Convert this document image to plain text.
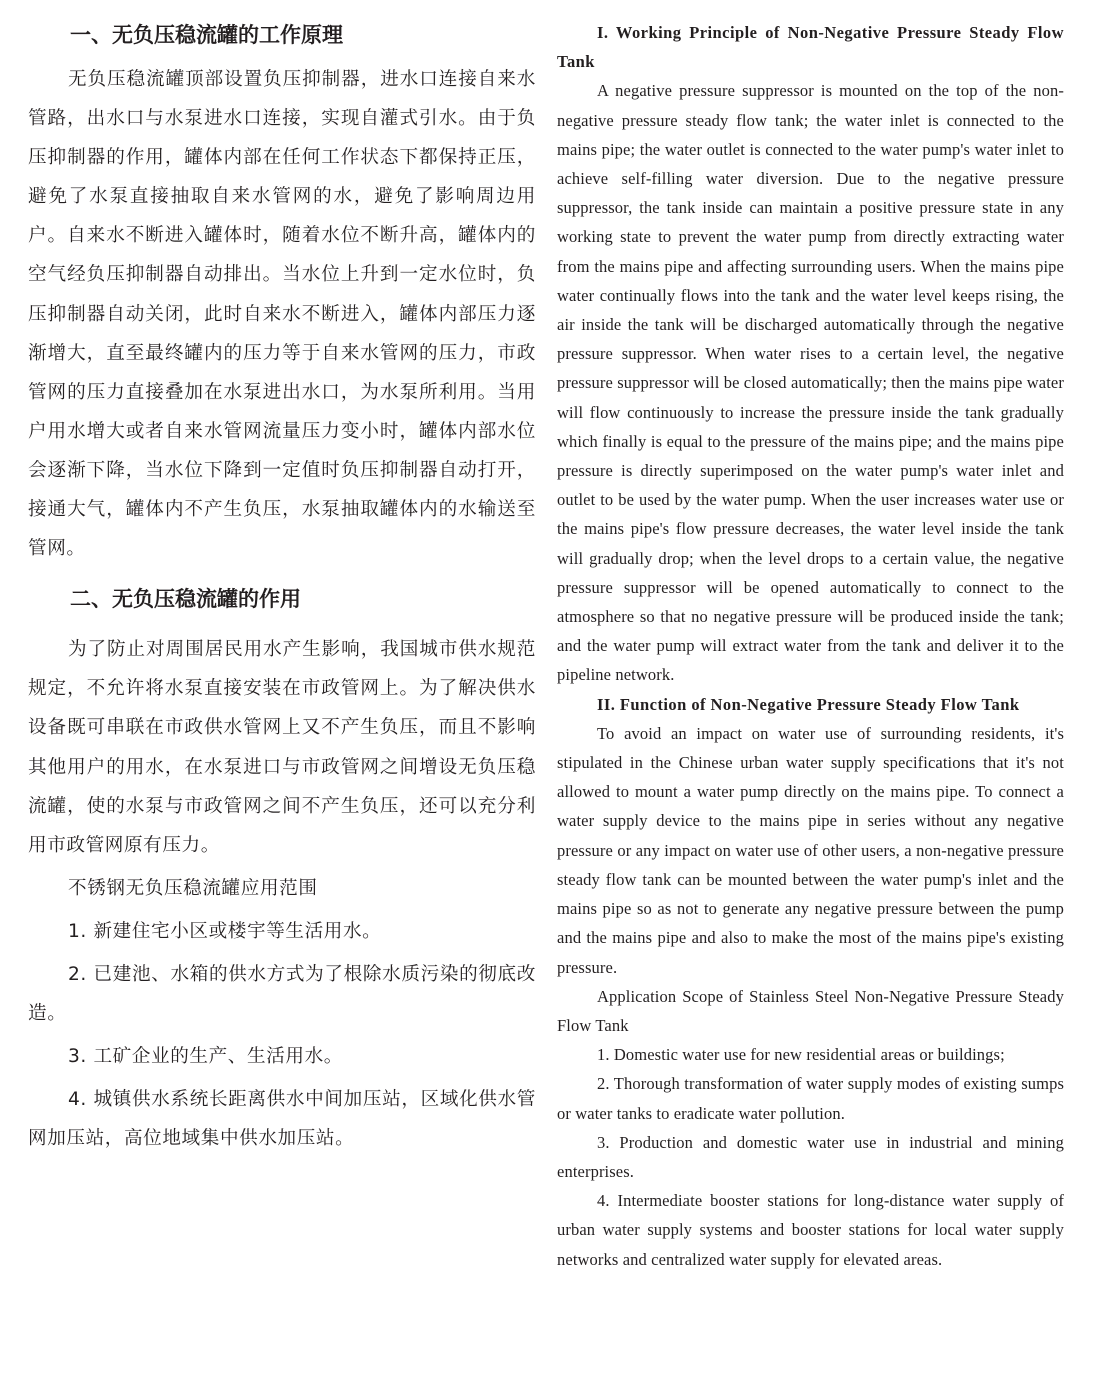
一、无负压稳流罐的工作原理

无负压稳流罐顶部设置负压抑制器，进水口连接自来水管路，出水口与水泵进水口连接，实现自灌式引水。由于负压抑制器的作用，罐体内部在任何工作状态下都保持正压，避免了水泵直接抽取自来水管网的水，避免了影响周边用户。自来水不断进入罐体时，随着水位不断升高，罐体内的空气经负压抑制器自动排出。当水位上升到一定水位时，负压抑制器自动关闭，此时自来水不断进入，罐体内部压力逐渐增大，直至最终罐内的压力等于自来水管网的压力，市政管网的压力直接叠加在水泵进出水口，为水泵所利用。当用户用水增大或者自来水管网流量压力变小时，罐体内部水位会逐渐下降，当水位下降到一定值时负压抑制器自动打开，接通大气，罐体内不产生负压，水泵抽取罐体内的水输送至管网。

二、无负压稳流罐的作用

为了防止对周围居民用水产生影响，我国城市供水规范规定，不允许将水泵直接安装在市政管网上。为了解决供水设备既可串联在市政供水管网上又不产生负压，而且不影响其他用户的用水，在水泵进口与市政管网之间增设无负压稳流罐，使的水泵与市政管网之间不产生负压，还可以充分利用市政管网原有压力。

不锈钢无负压稳流罐应用范围

1. 新建住宅小区或楼宇等生活用水。

2. 已建池、水箱的供水方式为了根除水质污染的彻底改造。

3. 工矿企业的生产、生活用水。

4. 城镇供水系统长距离供水中间加压站，区域化供水管网加压站，高位地域集中供水加压站。

I. Working Principle of Non-Negative Pressure Steady Flow Tank

A negative pressure suppressor is mounted on the top of the non-negative pressure steady flow tank; the water inlet is connected to the mains pipe; the water outlet is connected to the water pump's water inlet to achieve self-filling water diversion. Due to the negative pressure suppressor, the tank inside can maintain a positive pressure state in any working state to prevent the water pump from directly extracting water from the mains pipe and affecting surrounding users. When the mains pipe water continually flows into the tank and the water level keeps rising, the air inside the tank will be discharged automatically through the negative pressure suppressor. When water rises to a certain level, the negative pressure suppressor will be closed automatically; then the mains pipe water will flow continuously to increase the pressure inside the tank gradually which finally is equal to the pressure of the mains pipe; and the mains pipe pressure is directly superimposed on the water pump's water inlet and outlet to be used by the water pump. When the user increases water use or the mains pipe's flow pressure decreases, the water level inside the tank will gradually drop; when the level drops to a certain value, the negative pressure suppressor will be opened automatically to connect to the atmosphere so that no negative pressure will be produced inside the tank; and the water pump will extract water from the tank and deliver it to the pipeline network.

II. Function of Non-Negative Pressure Steady Flow Tank

To avoid an impact on water use of surrounding residents, it's stipulated in the Chinese urban water supply specifications that it's not allowed to mount a water pump directly on the mains pipe. To connect a water supply device to the mains pipe in series without any negative pressure or any impact on water use of other users, a non-negative pressure steady flow tank can be mounted between the water pump's inlet and the mains pipe so as not to generate any negative pressure between the pump and the mains pipe and also to make the most of the mains pipe's existing pressure.

Application Scope of Stainless Steel Non-Negative Pressure Steady Flow Tank

1. Domestic water use for new residential areas or buildings;

2. Thorough transformation of water supply modes of existing sumps or water tanks to eradicate water pollution.

3. Production and domestic water use in industrial and mining enterprises.

4. Intermediate booster stations for long-distance water supply of urban water supply systems and booster stations for local water supply networks and centralized water supply for elevated areas.
